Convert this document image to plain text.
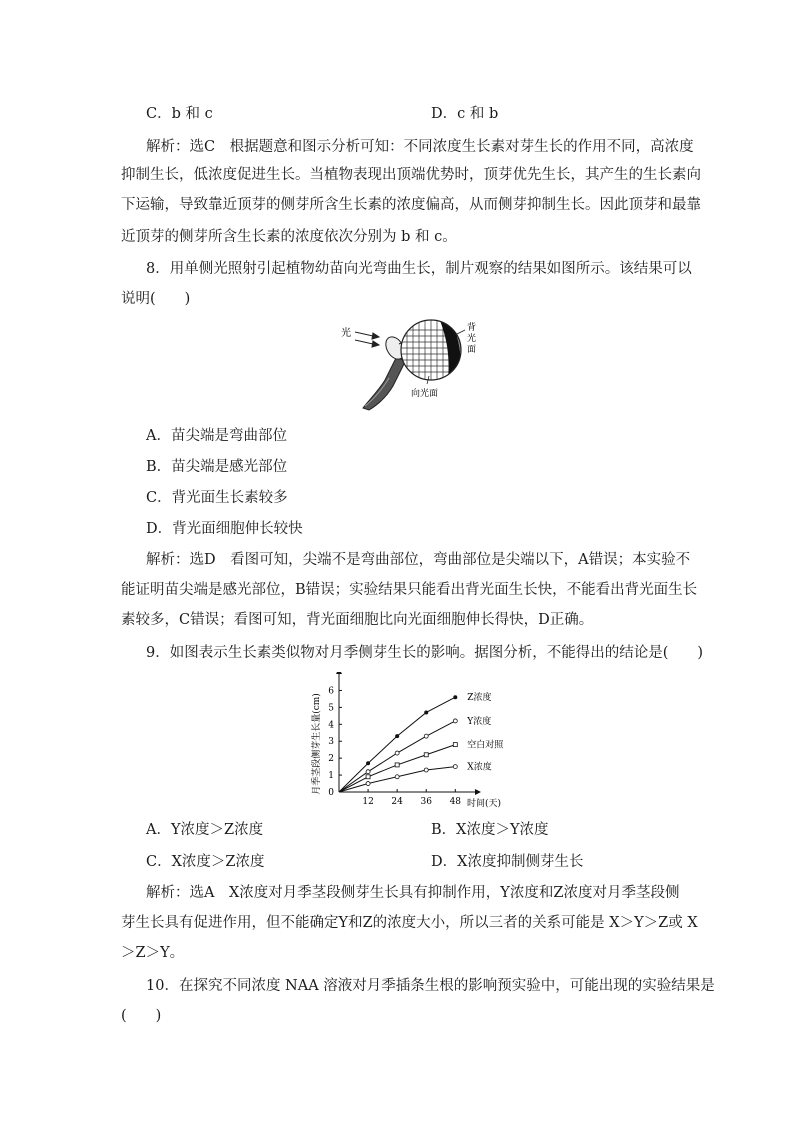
C．b 和 c	D．c 和 b
解析：选C　根据题意和图示分析可知：不同浓度生长素对芽生长的作用不同，高浓度
抑制生长，低浓度促进生长。当植物表现出顶端优势时，顶芽优先生长，其产生的生长素向
下运输，导致靠近顶芽的侧芽所含生长素的浓度偏高，从而侧芽抑制生长。因此顶芽和最靠
近顶芽的侧芽所含生长素的浓度依次分别为 b 和 c。
8．用单侧光照射引起植物幼苗向光弯曲生长，制片观察的结果如图所示。该结果可以
说明(　　)
光	背
光
面
向光面
A．苗尖端是弯曲部位
B．苗尖端是感光部位
C．背光面生长素较多
D．背光面细胞伸长较快
解析：选D　看图可知，尖端不是弯曲部位，弯曲部位是尖端以下，A错误；本实验不
能证明苗尖端是感光部位，B错误；实验结果只能看出背光面生长快，不能看出背光面生长
素较多，C错误；看图可知，背光面细胞比向光面细胞伸长得快，D正确。
9．如图表示生长素类似物对月季侧芽生长的影响。据图分析，不能得出的结论是(　　)
月季茎段侧芽生长量(cm)
时间(天)
0
1
2
3
4
5
6
12 24 36 48
Z浓度
Y浓度
空白对照
X浓度
A．Y浓度＞Z浓度	B．X浓度＞Y浓度
C．X浓度＞Z浓度	D．X浓度抑制侧芽生长
解析：选A　X浓度对月季茎段侧芽生长具有抑制作用，Y浓度和Z浓度对月季茎段侧
芽生长具有促进作用，但不能确定Y和Z的浓度大小，所以三者的关系可能是 X＞Y＞Z或 X
＞Z＞Y。
10．在探究不同浓度 NAA 溶液对月季插条生根的影响预实验中，可能出现的实验结果是
(　　)
